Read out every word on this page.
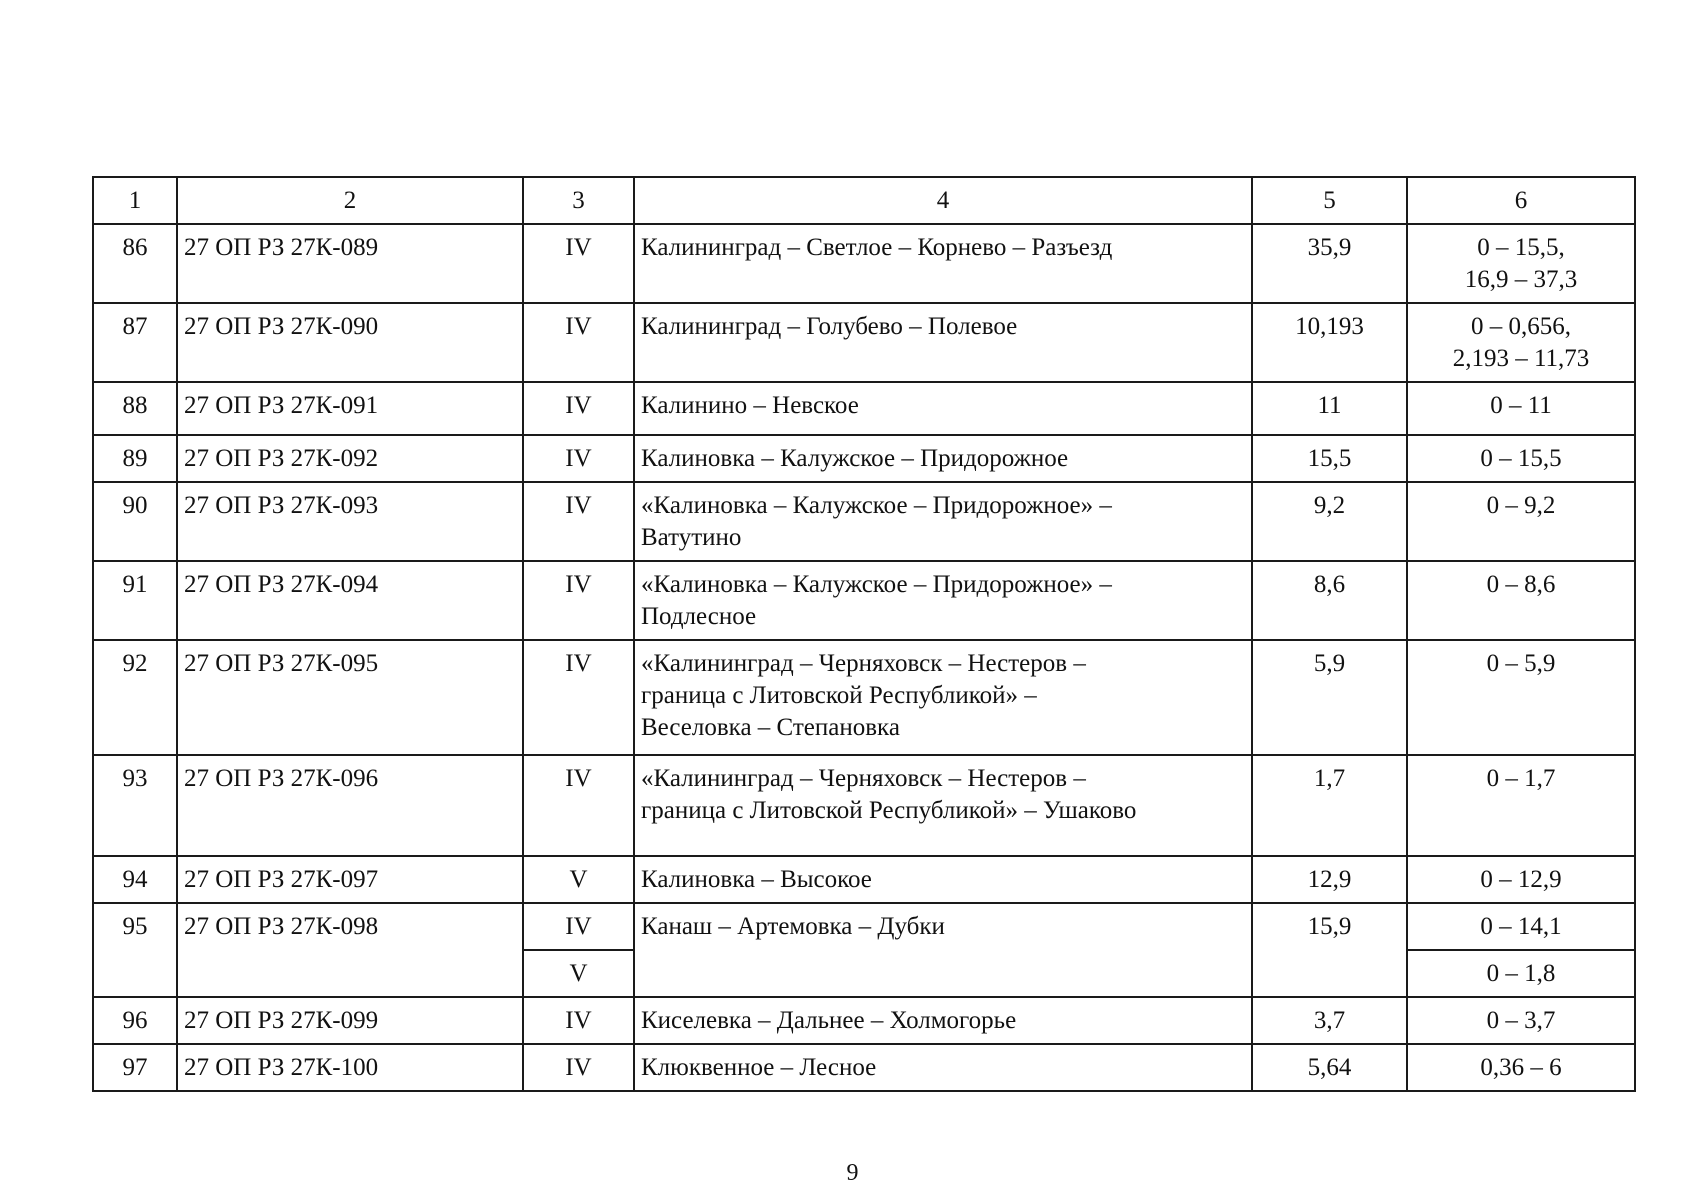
1	2	3	4	5	6
86	27 ОП РЗ 27К-089	IV	Калининград – Светлое – Корнево – Разъезд	35,9	0 – 15,5,
16,9 – 37,3

87	27 ОП РЗ 27К-090	IV	Калининград – Голубево – Полевое	10,193	0 – 0,656,
2,193 – 11,73

88	27 ОП РЗ 27К-091	IV	Калинино – Невское	11	0 – 11

89	27 ОП РЗ 27К-092	IV	Калиновка – Калужское – Придорожное	15,5	0 – 15,5

90	27 ОП РЗ 27К-093	IV	«Калиновка – Калужское – Придорожное» –
Ватутино	9,2	0 – 9,2

91	27 ОП РЗ 27К-094	IV	«Калиновка – Калужское – Придорожное» –
Подлесное	8,6	0 – 8,6

92	27 ОП РЗ 27К-095	IV	«Калининград – Черняховск – Нестеров –
граница с Литовской Республикой» –
Веселовка – Степановка	5,9	0 – 5,9

93	27 ОП РЗ 27К-096	IV	«Калининград – Черняховск – Нестеров –
граница с Литовской Республикой» – Ушаково	1,7	0 – 1,7

94	27 ОП РЗ 27К-097	V	Калиновка – Высокое	12,9	0 – 12,9

95	27 ОП РЗ 27К-098	IV	Канаш – Артемовка – Дубки	15,9	0 – 14,1

		V			0 – 1,8

96	27 ОП РЗ 27К-099	IV	Киселевка – Дальнее – Холмогорье	3,7	0 – 3,7

97	27 ОП РЗ 27К-100	IV	Клюквенное – Лесное	5,64	0,36 – 6
9
